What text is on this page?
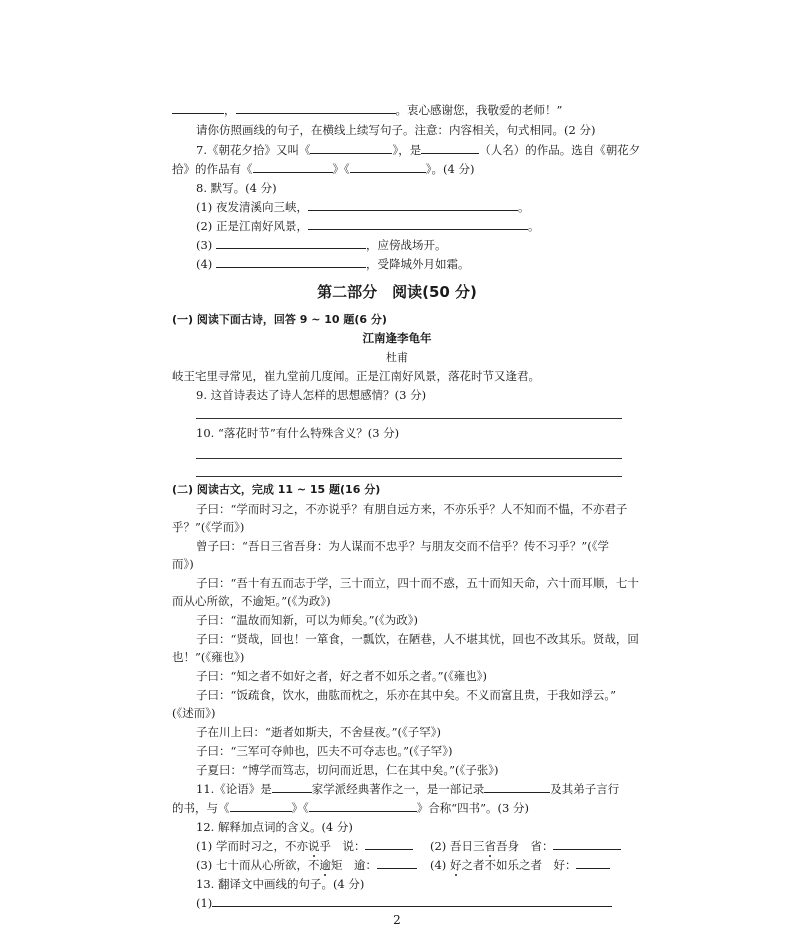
，	。衷心感谢您，我敬爱的老师！”
请你仿照画线的句子，在横线上续写句子。注意：内容相关，句式相同。(2 分)
7.《朝花夕拾》又叫《	》，是	（人名）的作品。选自《朝花夕
拾》的作品有《	》《	》。(4 分)
8. 默写。(4 分)
(1) 夜发清溪向三峡，	。
(2) 正是江南好风景，	。
(3)	，应傍战场开。
(4)	，受降城外月如霜。
第二部分　阅读(50 分)
(一) 阅读下面古诗，回答 9 ~ 10 题(6 分)
江南逢李龟年
杜甫
岐王宅里寻常见，崔九堂前几度闻。正是江南好风景，落花时节又逢君。
9. 这首诗表达了诗人怎样的思想感情？(3 分)
10. “落花时节”有什么特殊含义？(3 分)
(二) 阅读古文，完成 11 ~ 15 题(16 分)
子曰：“学而时习之，不亦说乎？有朋自远方来，不亦乐乎？人不知而不愠，不亦君子
乎？”(《学而》)
曾子曰：“吾日三省吾身：为人谋而不忠乎？与朋友交而不信乎？传不习乎？”(《学
而》)
子曰：“吾十有五而志于学，三十而立，四十而不惑，五十而知天命，六十而耳顺，七十
而从心所欲，不逾矩。”(《为政》)
子曰：“温故而知新，可以为师矣。”(《为政》)
子曰：“贤哉，回也！一箪食，一瓢饮，在陋巷，人不堪其忧，回也不改其乐。贤哉，回
也！”(《雍也》)
子曰：“知之者不如好之者，好之者不如乐之者。”(《雍也》)
子曰：“饭疏食，饮水，曲肱而枕之，乐亦在其中矣。不义而富且贵，于我如浮云。”
(《述而》)
子在川上曰：“逝者如斯夫，不舍昼夜。”(《子罕》)
子曰：“三军可夺帅也，匹夫不可夺志也。”(《子罕》)
子夏曰：“博学而笃志，切问而近思，仁在其中矣。”(《子张》)
11.《论语》是	家学派经典著作之一，是一部记录	及其弟子言行
的书，与《	》《	》合称“四书”。(3 分)
12. 解释加点词的含义。(4 分)
(1) 学而时习之，不亦说乎　说：	(2) 吾日三省吾身　省：
(3) 七十而从心所欲，不逾矩　逾：	(4) 好之者不如乐之者　好：
13. 翻译文中画线的句子。(4 分)
(1)
2
